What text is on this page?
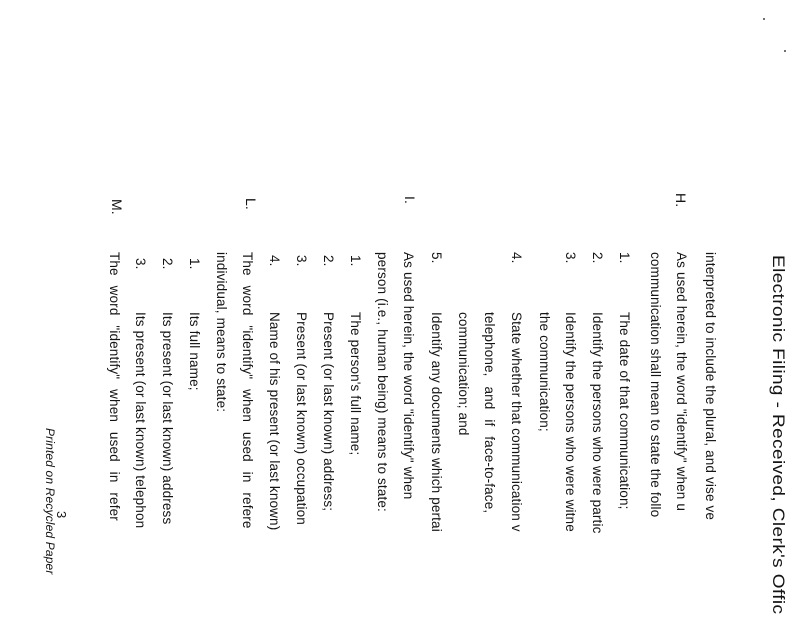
Electronic Filing - Received, Clerk's Offic
H.
I.
L.
M.
interpreted to include the plural, and vise ve
As used herein, the word "identify" when u
communication shall mean to state the follo
1.
The date of that communication;
2.
Identify the persons who were partic
3.
Identify the persons who were witne
the communication;
4.
State whether that communication v
telephone, and if face-to-face,
communication; and
5.
Identify any documents which pertai
As used herein, the word "identify" when
person (i.e., human being) means to state:
1.
The person's full name;
2.
Present (or last known) address;
3.
Present (or last known) occupation
4.
Name of his present (or last known)
The word "identify" when used in refere
individual, means to state:
1.
Its full name;
2.
Its present (or last known) address
3.
Its present (or last known) telephon
The word "identify" when used in refer
3
Printed on Recycled Paper
